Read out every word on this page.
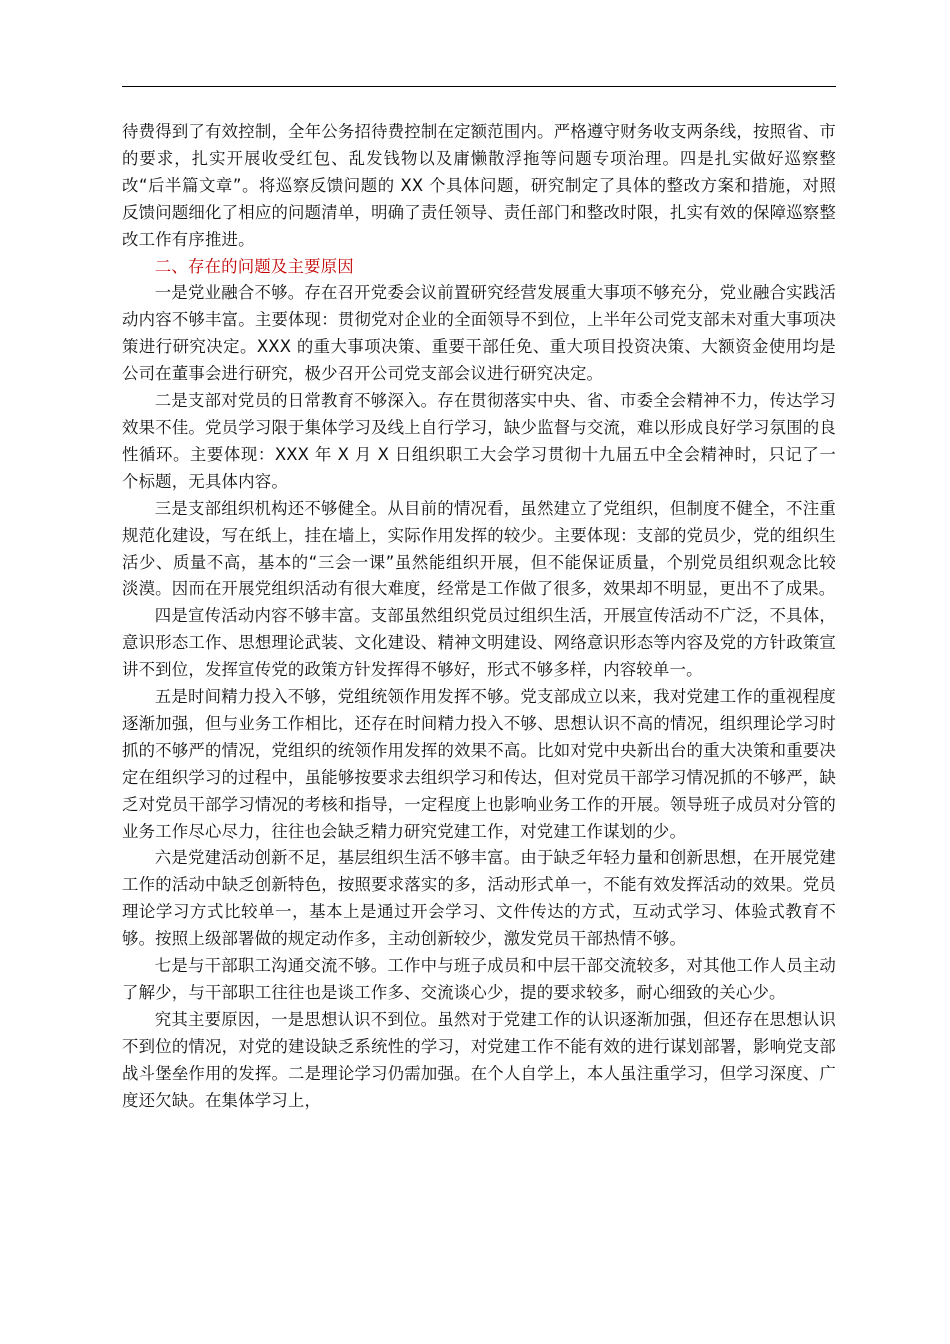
待费得到了有效控制，全年公务招待费控制在定额范围内。严格遵守财务收支两条线，按照省、市的要求，扎实开展收受红包、乱发钱物以及庸懒散浮拖等问题专项治理。四是扎实做好巡察整改“后半篇文章”。将巡察反馈问题的 XX 个具体问题，研究制定了具体的整改方案和措施，对照反馈问题细化了相应的问题清单，明确了责任领导、责任部门和整改时限，扎实有效的保障巡察整改工作有序推进。

二、存在的问题及主要原因

一是党业融合不够。存在召开党委会议前置研究经营发展重大事项不够充分，党业融合实践活动内容不够丰富。主要体现：贯彻党对企业的全面领导不到位，上半年公司党支部未对重大事项决策进行研究决定。XXX 的重大事项决策、重要干部任免、重大项目投资决策、大额资金使用均是公司在董事会进行研究，极少召开公司党支部会议进行研究决定。

二是支部对党员的日常教育不够深入。存在贯彻落实中央、省、市委全会精神不力，传达学习效果不佳。党员学习限于集体学习及线上自行学习，缺少监督与交流，难以形成良好学习氛围的良性循环。主要体现：XXX 年 X 月 X 日组织职工大会学习贯彻十九届五中全会精神时，只记了一个标题，无具体内容。

三是支部组织机构还不够健全。从目前的情况看，虽然建立了党组织，但制度不健全，不注重规范化建设，写在纸上，挂在墙上，实际作用发挥的较少。主要体现：支部的党员少，党的组织生活少、质量不高，基本的“三会一课”虽然能组织开展，但不能保证质量，个别党员组织观念比较淡漠。因而在开展党组织活动有很大难度，经常是工作做了很多，效果却不明显，更出不了成果。

四是宣传活动内容不够丰富。支部虽然组织党员过组织生活，开展宣传活动不广泛，不具体，意识形态工作、思想理论武装、文化建设、精神文明建设、网络意识形态等内容及党的方针政策宣讲不到位，发挥宣传党的政策方针发挥得不够好，形式不够多样，内容较单一。

五是时间精力投入不够，党组统领作用发挥不够。党支部成立以来，我对党建工作的重视程度逐渐加强，但与业务工作相比，还存在时间精力投入不够、思想认识不高的情况，组织理论学习时抓的不够严的情况，党组织的统领作用发挥的效果不高。比如对党中央新出台的重大决策和重要决定在组织学习的过程中，虽能够按要求去组织学习和传达，但对党员干部学习情况抓的不够严，缺乏对党员干部学习情况的考核和指导，一定程度上也影响业务工作的开展。领导班子成员对分管的业务工作尽心尽力，往往也会缺乏精力研究党建工作，对党建工作谋划的少。

六是党建活动创新不足，基层组织生活不够丰富。由于缺乏年轻力量和创新思想，在开展党建工作的活动中缺乏创新特色，按照要求落实的多，活动形式单一，不能有效发挥活动的效果。党员理论学习方式比较单一，基本上是通过开会学习、文件传达的方式，互动式学习、体验式教育不够。按照上级部署做的规定动作多，主动创新较少，激发党员干部热情不够。

七是与干部职工沟通交流不够。工作中与班子成员和中层干部交流较多，对其他工作人员主动了解少，与干部职工往往也是谈工作多、交流谈心少，提的要求较多，耐心细致的关心少。

究其主要原因，一是思想认识不到位。虽然对于党建工作的认识逐渐加强，但还存在思想认识不到位的情况，对党的建设缺乏系统性的学习，对党建工作不能有效的进行谋划部署，影响党支部战斗堡垒作用的发挥。二是理论学习仍需加强。在个人自学上，本人虽注重学习，但学习深度、广度还欠缺。在集体学习上，
